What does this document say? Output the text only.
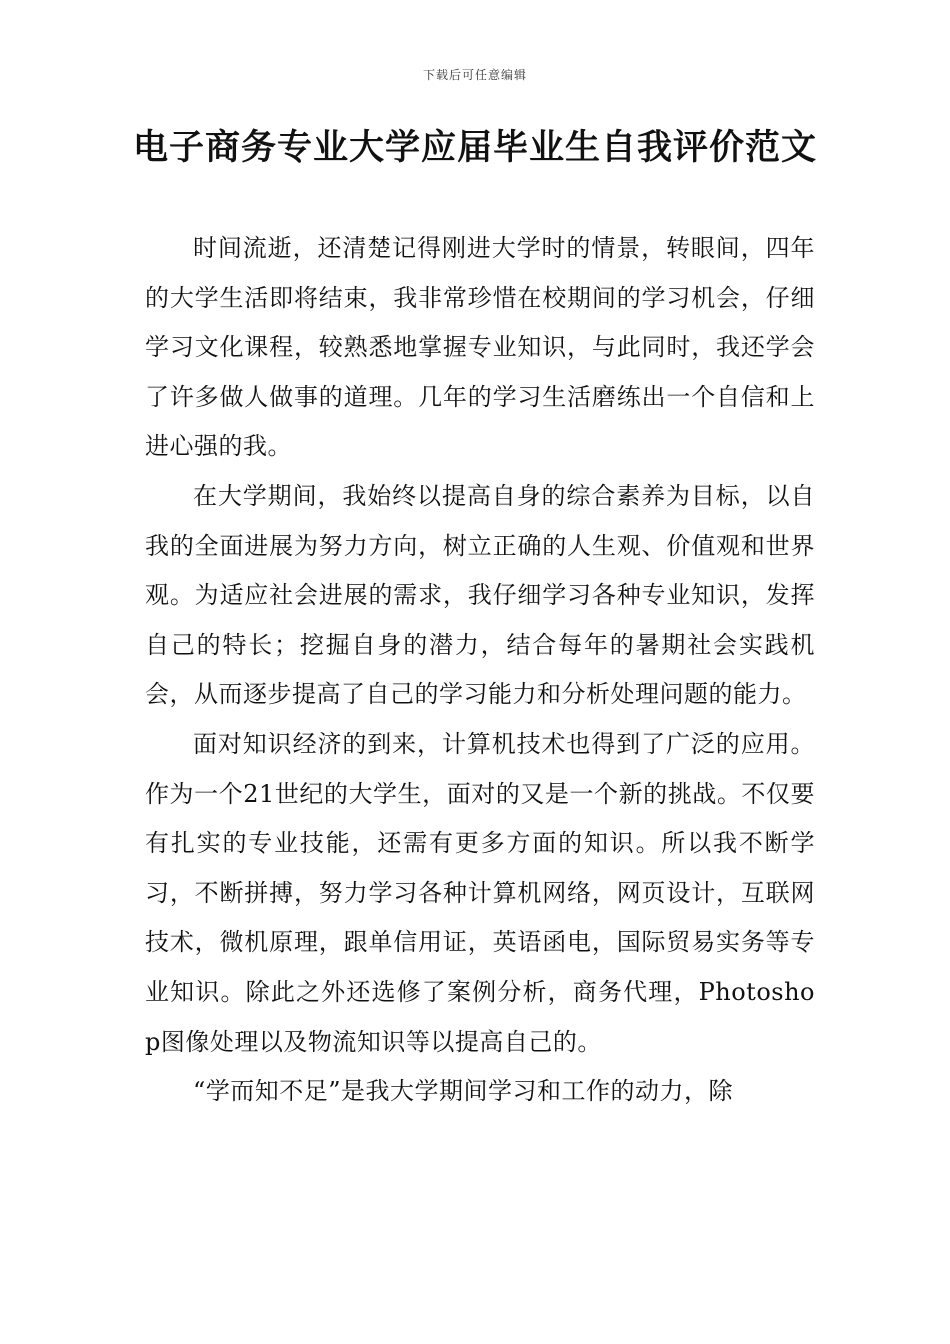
下载后可任意编辑
电子商务专业大学应届毕业生自我评价范文

时间流逝，还清楚记得刚进大学时的情景，转眼间，四年的大学生活即将结束，我非常珍惜在校期间的学习机会，仔细学习文化课程，较熟悉地掌握专业知识，与此同时，我还学会了许多做人做事的道理。几年的学习生活磨练出一个自信和上进心强的我。

在大学期间，我始终以提高自身的综合素养为目标，以自我的全面进展为努力方向，树立正确的人生观、价值观和世界观。为适应社会进展的需求，我仔细学习各种专业知识，发挥自己的特长；挖掘自身的潜力，结合每年的暑期社会实践机会，从而逐步提高了自己的学习能力和分析处理问题的能力。

面对知识经济的到来，计算机技术也得到了广泛的应用。作为一个21世纪的大学生，面对的又是一个新的挑战。不仅要有扎实的专业技能，还需有更多方面的知识。所以我不断学习，不断拼搏，努力学习各种计算机网络，网页设计，互联网技术，微机原理，跟单信用证，英语函电，国际贸易实务等专业知识。除此之外还选修了案例分析，商务代理，Photoshop图像处理以及物流知识等以提高自己的。

“学而知不足”是我大学期间学习和工作的动力，除
